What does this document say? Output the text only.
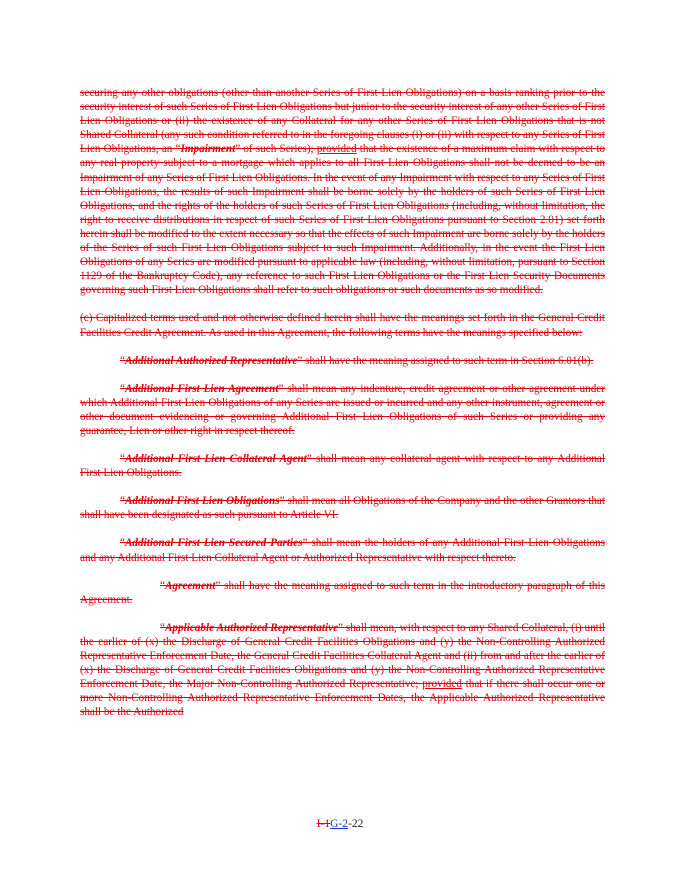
securing any other obligations (other than another Series of First Lien Obligations) on a basis ranking prior to the security interest of such Series of First Lien Obligations but junior to the security interest of any other Series of First Lien Obligations or (ii) the existence of any Collateral for any other Series of First Lien Obligations that is not Shared Collateral (any such condition referred to in the foregoing clauses (i) or (ii) with respect to any Series of First Lien Obligations, an “Impairment” of such Series); provided that the existence of a maximum claim with respect to any real property subject to a mortgage which applies to all First Lien Obligations shall not be deemed to be an Impairment of any Series of First Lien Obligations. In the event of any Impairment with respect to any Series of First Lien Obligations, the results of such Impairment shall be borne solely by the holders of such Series of First Lien Obligations, and the rights of the holders of such Series of First Lien Obligations (including, without limitation, the right to receive distributions in respect of such Series of First Lien Obligations pursuant to Section 2.01) set forth herein shall be modified to the extent necessary so that the effects of such Impairment are borne solely by the holders of the Series of such First Lien Obligations subject to such Impairment. Additionally, in the event the First Lien Obligations of any Series are modified pursuant to applicable law (including, without limitation, pursuant to Section 1129 of the Bankruptcy Code), any reference to such First Lien Obligations or the First Lien Security Documents governing such First Lien Obligations shall refer to such obligations or such documents as so modified.

(c) Capitalized terms used and not otherwise defined herein shall have the meanings set forth in the General Credit Facilities Credit Agreement. As used in this Agreement, the following terms have the meanings specified below:

“Additional Authorized Representative” shall have the meaning assigned to such term in Section 6.01(b).

“Additional First Lien Agreement” shall mean any indenture, credit agreement or other agreement under which Additional First Lien Obligations of any Series are issued or incurred and any other instrument, agreement or other document evidencing or governing Additional First Lien Obligations of such Series or providing any guarantee, Lien or other right in respect thereof.

“Additional First Lien Collateral Agent” shall mean any collateral agent with respect to any Additional First Lien Obligations.

“Additional First Lien Obligations” shall mean all Obligations of the Company and the other Grantors that shall have been designated as such pursuant to Article VI.

“Additional First Lien Secured Parties” shall mean the holders of any Additional First Lien Obligations and any Additional First Lien Collateral Agent or Authorized Representative with respect thereto.

“Agreement” shall have the meaning assigned to such term in the introductory paragraph of this Agreement.

“Applicable Authorized Representative” shall mean, with respect to any Shared Collateral, (i) until the earlier of (x) the Discharge of General Credit Facilities Obligations and (y) the Non-Controlling Authorized Representative Enforcement Date, the General Credit Facilities Collateral Agent and (ii) from and after the earlier of (x) the Discharge of General Credit Facilities Obligations and (y) the Non-Controlling Authorized Representative Enforcement Date, the Major Non-Controlling Authorized Representative; provided that if there shall occur one or more Non-Controlling Authorized Representative Enforcement Dates, the Applicable Authorized Representative shall be the Authorized

I-1G-2-22
